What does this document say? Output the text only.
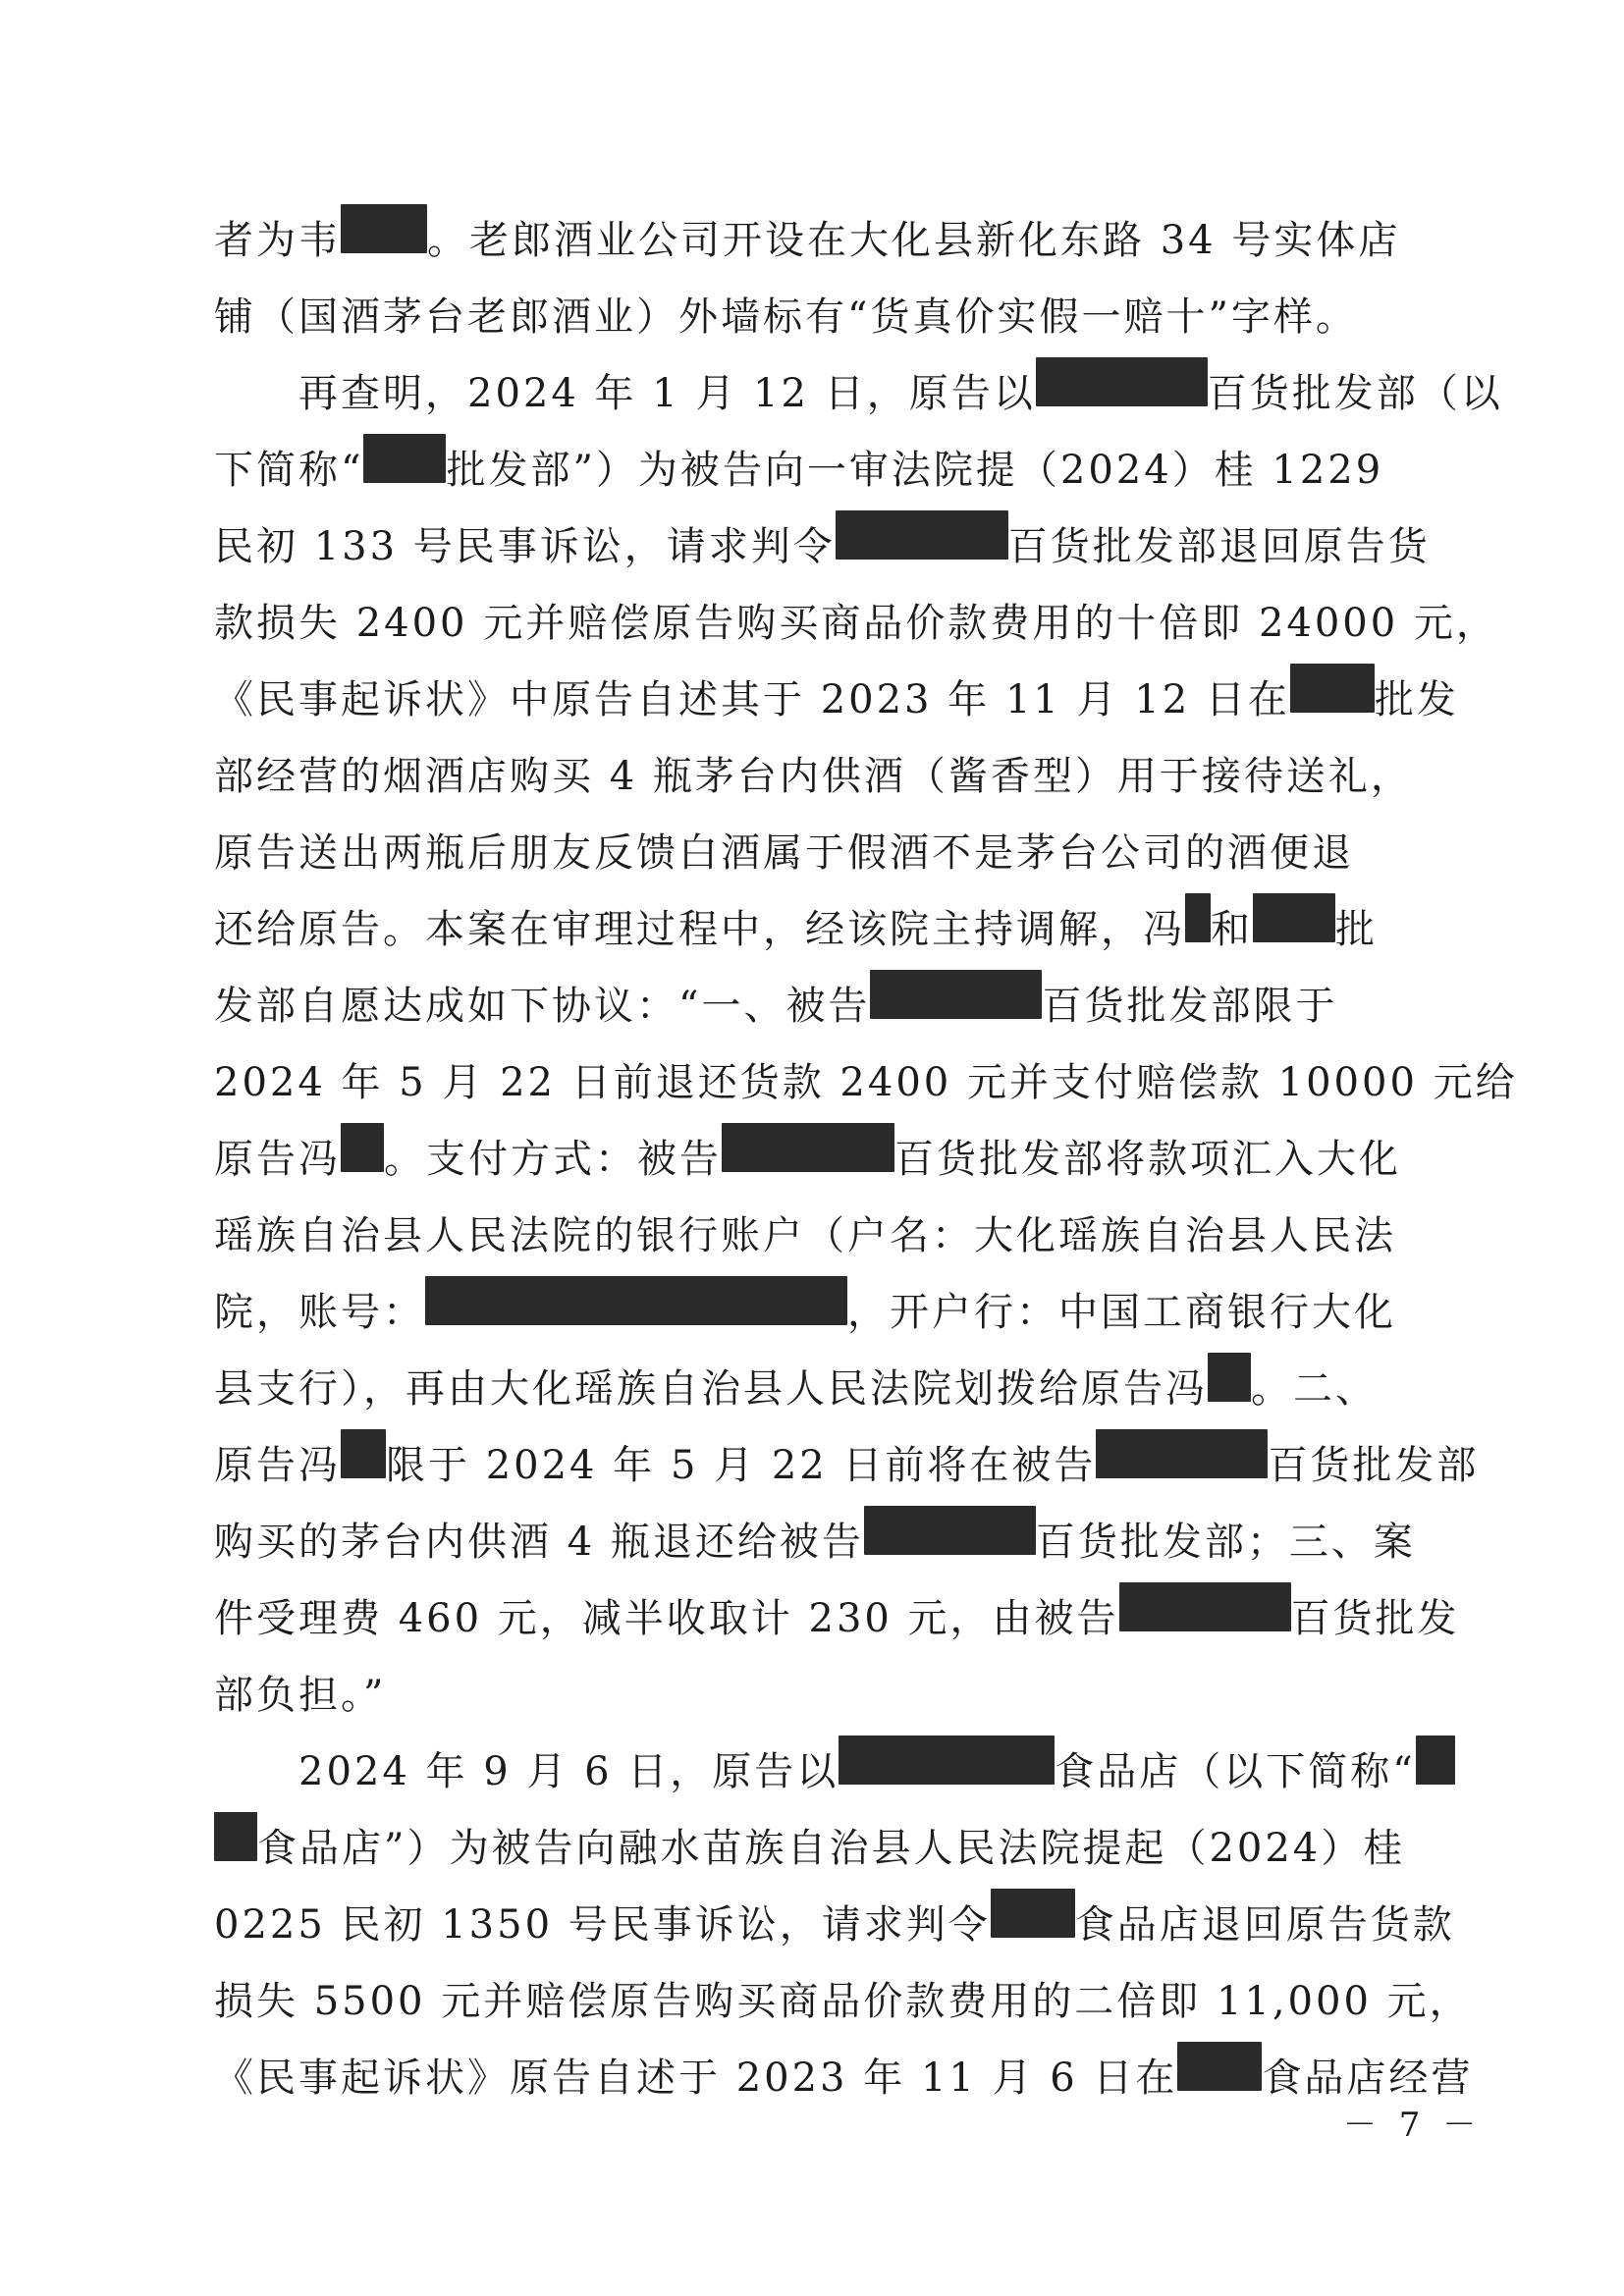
者为韦 。老郎酒业公司开设在大化县新化东路 34 号实体店
铺（国酒茅台老郎酒业）外墙标有“货真价实假一赔十”字样。
再查明，2024 年 1 月 12 日，原告以	百货批发部（以
下简称“ 批发部”）为被告向一审法院提（2024）桂 1229
民初 133 号民事诉讼，请求判令	百货批发部退回原告货
款损失 2400 元并赔偿原告购买商品价款费用的十倍即 24000 元，
《民事起诉状》中原告自述其于 2023 年 11 月 12 日在 批发
部经营的烟酒店购买 4 瓶茅台内供酒（酱香型）用于接待送礼，
原告送出两瓶后朋友反馈白酒属于假酒不是茅台公司的酒便退
还给原告。本案在审理过程中，经该院主持调解，冯 和 批
发部自愿达成如下协议：“一、被告	百货批发部限于
2024 年 5 月 22 日前退还货款 2400 元并支付赔偿款 10000 元给
原告冯 。支付方式：被告	百货批发部将款项汇入大化
瑶族自治县人民法院的银行账户（户名：大化瑶族自治县人民法
院，账号：	，开户行：中国工商银行大化
县支行），再由大化瑶族自治县人民法院划拨给原告冯 。二、
原告冯 限于 2024 年 5 月 22 日前将在被告	百货批发部
购买的茅台内供酒 4 瓶退还给被告	百货批发部；三、案
件受理费 460 元，减半收取计 230 元，由被告	百货批发
部负担。”
2024 年 9 月 6 日，原告以	食品店（以下简称“
食品店”）为被告向融水苗族自治县人民法院提起（2024）桂
0225 民初 1350 号民事诉讼，请求判令 食品店退回原告货款
损失 5500 元并赔偿原告购买商品价款费用的二倍即 11,000 元，
《民事起诉状》原告自述于 2023 年 11 月 6 日在 食品店经营
－ 7 －
